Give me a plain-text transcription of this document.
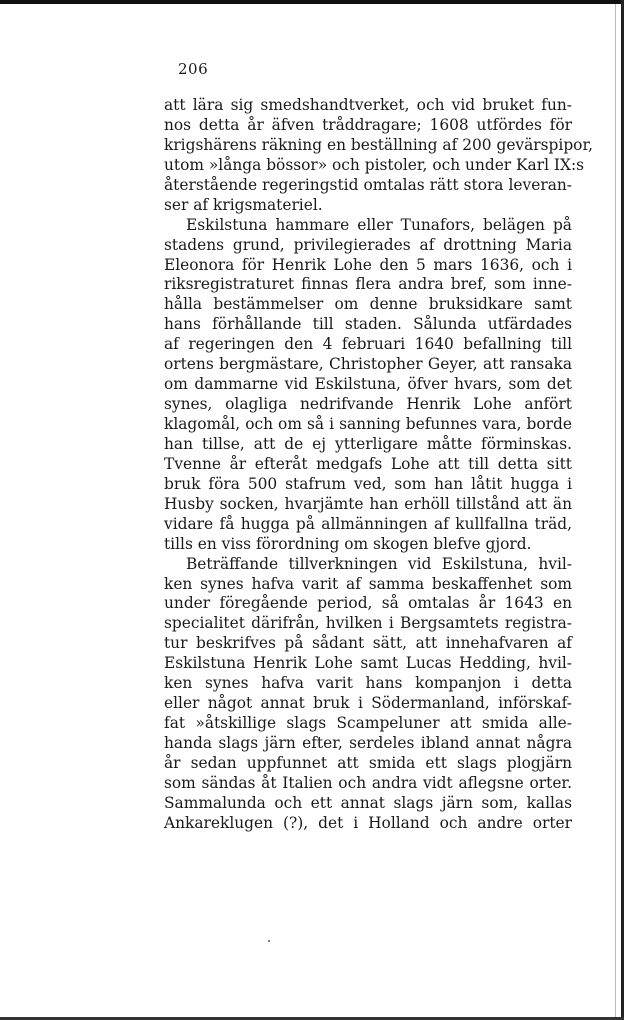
206
att lära sig smedshandtverket, och vid bruket fun-
nos detta år äfven tråddragare; 1608 utfördes för
krigshärens räkning en beställning af 200 gevärspipor,
utom »långa bössor» och pistoler, och under Karl IX:s
återstående regeringstid omtalas rätt stora leveran-
ser af krigsmateriel.
Eskilstuna hammare eller Tunafors, belägen på
stadens grund, privilegierades af drottning Maria
Eleonora för Henrik Lohe den 5 mars 1636, och i
riksregistraturet finnas flera andra bref, som inne-
hålla bestämmelser om denne bruksidkare samt
hans förhållande till staden. Sålunda utfärdades
af regeringen den 4 februari 1640 befallning till
ortens bergmästare, Christopher Geyer, att ransaka
om dammarne vid Eskilstuna, öfver hvars, som det
synes, olagliga nedrifvande Henrik Lohe anfört
klagomål, och om så i sanning befunnes vara, borde
han tillse, att de ej ytterligare måtte förminskas.
Tvenne år efteråt medgafs Lohe att till detta sitt
bruk föra 500 stafrum ved, som han låtit hugga i
Husby socken, hvarjämte han erhöll tillstånd att än
vidare få hugga på allmänningen af kullfallna träd,
tills en viss förordning om skogen blefve gjord.
Beträffande tillverkningen vid Eskilstuna, hvil-
ken synes hafva varit af samma beskaffenhet som
under föregående period, så omtalas år 1643 en
specialitet därifrån, hvilken i Bergsamtets registra-
tur beskrifves på sådant sätt, att innehafvaren af
Eskilstuna Henrik Lohe samt Lucas Hedding, hvil-
ken synes hafva varit hans kompanjon i detta
eller något annat bruk i Södermanland, införskaf-
fat »åtskillige slags Scampeluner att smida alle-
handa slags järn efter, serdeles ibland annat några
år sedan uppfunnet att smida ett slags plogjärn
som sändas åt Italien och andra vidt aflegsne orter.
Sammalunda och ett annat slags järn som, kallas
Ankareklugen (?), det i Holland och andre orter
